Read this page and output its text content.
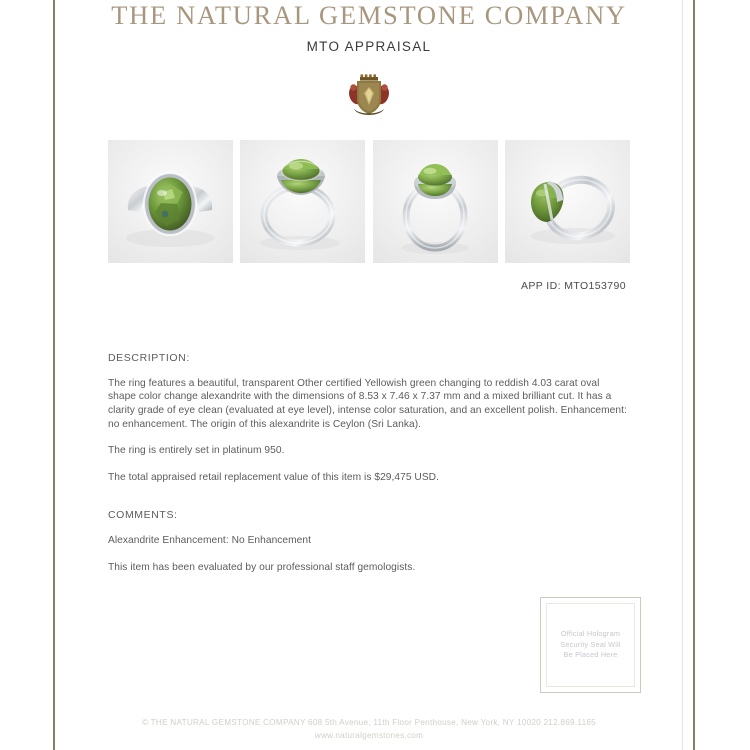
THE NATURAL GEMSTONE COMPANY
MTO APPRAISAL
APP ID: MTO153790
DESCRIPTION:
The ring features a beautiful, transparent Other certified Yellowish green changing to reddish 4.03 carat oval shape color change alexandrite with the dimensions of 8.53 x 7.46 x 7.37 mm and a mixed brilliant cut. It has a clarity grade of eye clean (evaluated at eye level), intense color saturation, and an excellent polish. Enhancement: no enhancement. The origin of this alexandrite is Ceylon (Sri Lanka).
The ring is entirely set in platinum 950.
The total appraised retail replacement value of this item is $29,475 USD.
COMMENTS:
Alexandrite Enhancement: No Enhancement
This item has been evaluated by our professional staff gemologists.
Official Hologram
Security Seal Will
Be Placed Here
© THE NATURAL GEMSTONE COMPANY 608 5th Avenue, 11th Floor Penthouse, New York, NY 10020 212.869.1165
www.naturalgemstones.com
